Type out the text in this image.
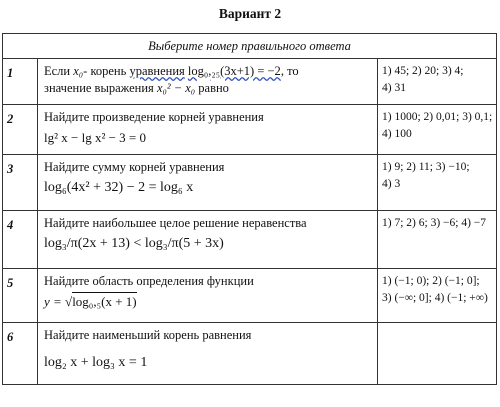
Вариант 2
Выберите номер правильного ответа		
1	Если x₀- корень уравнения log₀,₂₅(3x+1) = −2, то
значение выражения x₀² − x₀ равно	1) 45; 2) 20; 3) 4;
4) 31
2	Найдите произведение корней уравнения
lg² x − lg x² − 3 = 0	1) 1000; 2) 0,01; 3) 0,1; 4) 100
3	Найдите сумму корней уравнения
log₆(4x² + 32) − 2 = log₆ x	1) 9; 2) 11; 3) −10;
4) 3
4	Найдите наибольшее целое решение неравенства
log₃/π(2x + 13) < log₃/π(5 + 3x)	1) 7; 2) 6; 3) −6; 4) −7
5	Найдите область определения функции
y = √log₀,₅(x + 1)	1) (−1; 0); 2) (−1; 0];
3) (−∞; 0]; 4) (−1; +∞)
6	Найдите наименьший корень равнения
log₂ x + log₃ x = 1	
